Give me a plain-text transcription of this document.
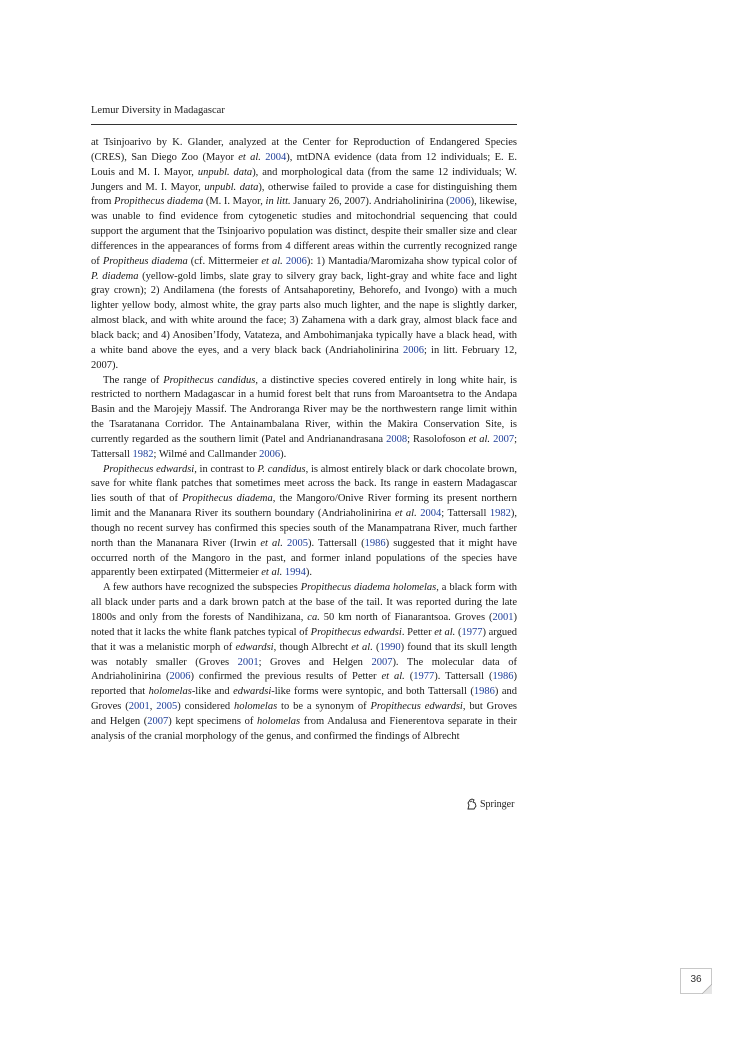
Lemur Diversity in Madagascar

at Tsinjoarivo by K. Glander, analyzed at the Center for Reproduction of Endangered Species (CRES), San Diego Zoo (Mayor et al. 2004), mtDNA evidence (data from 12 individuals; E. E. Louis and M. I. Mayor, unpubl. data), and morphological data (from the same 12 individuals; W. Jungers and M. I. Mayor, unpubl. data), otherwise failed to provide a case for distinguishing them from Propithecus diadema (M. I. Mayor, in litt. January 26, 2007). Andriaholinirina (2006), likewise, was unable to find evidence from cytogenetic studies and mitochondrial sequencing that could support the argument that the Tsinjoarivo population was distinct, despite their smaller size and clear differences in the appearances of forms from 4 different areas within the currently recognized range of Propitheus diadema (cf. Mittermeier et al. 2006): 1) Mantadia/Maromizaha show typical color of P. diadema (yellow-gold limbs, slate gray to silvery gray back, light-gray and white face and light gray crown); 2) Andilamena (the forests of Antsahaporetiny, Behorefo, and Ivongo) with a much lighter yellow body, almost white, the gray parts also much lighter, and the nape is slightly darker, almost black, and with white around the face; 3) Zahamena with a dark gray, almost black face and black back; and 4) Anosiben’Ifody, Vatateza, and Ambohimanjaka typically have a black head, with a white band above the eyes, and a very black back (Andriaholinirina 2006; in litt. February 12, 2007).

The range of Propithecus candidus, a distinctive species covered entirely in long white hair, is restricted to northern Madagascar in a humid forest belt that runs from Maroantsetra to the Andapa Basin and the Marojejy Massif. The Androranga River may be the northwestern range limit within the Tsaratanana Corridor. The Antainambalana River, within the Makira Conservation Site, is currently regarded as the southern limit (Patel and Andrianandrasana 2008; Rasolofoson et al. 2007; Tattersall 1982; Wilmé and Callmander 2006).

Propithecus edwardsi, in contrast to P. candidus, is almost entirely black or dark chocolate brown, save for white flank patches that sometimes meet across the back. Its range in eastern Madagascar lies south of that of Propithecus diadema, the Mangoro/Onive River forming its present northern limit and the Mananara River its southern boundary (Andriaholinirina et al. 2004; Tattersall 1982), though no recent survey has confirmed this species south of the Manampatrana River, much farther north than the Mananara River (Irwin et al. 2005). Tattersall (1986) suggested that it might have occurred north of the Mangoro in the past, and former inland populations of the species have apparently been extirpated (Mittermeier et al. 1994).

A few authors have recognized the subspecies Propithecus diadema holomelas, a black form with all black under parts and a dark brown patch at the base of the tail. It was reported during the late 1800s and only from the forests of Nandihizana, ca. 50 km north of Fianarantsoa. Groves (2001) noted that it lacks the white flank patches typical of Propithecus edwardsi. Petter et al. (1977) argued that it was a melanistic morph of edwardsi, though Albrecht et al. (1990) found that its skull length was notably smaller (Groves 2001; Groves and Helgen 2007). The molecular data of Andriaholinirina (2006) confirmed the previous results of Petter et al. (1977). Tattersall (1986) reported that holomelas-like and edwardsi-like forms were syntopic, and both Tattersall (1986) and Groves (2001, 2005) considered holomelas to be a synonym of Propithecus edwardsi, but Groves and Helgen (2007) kept specimens of holomelas from Andalusa and Fienerentova separate in their analysis of the cranial morphology of the genus, and confirmed the findings of Albrecht

Springer
36
